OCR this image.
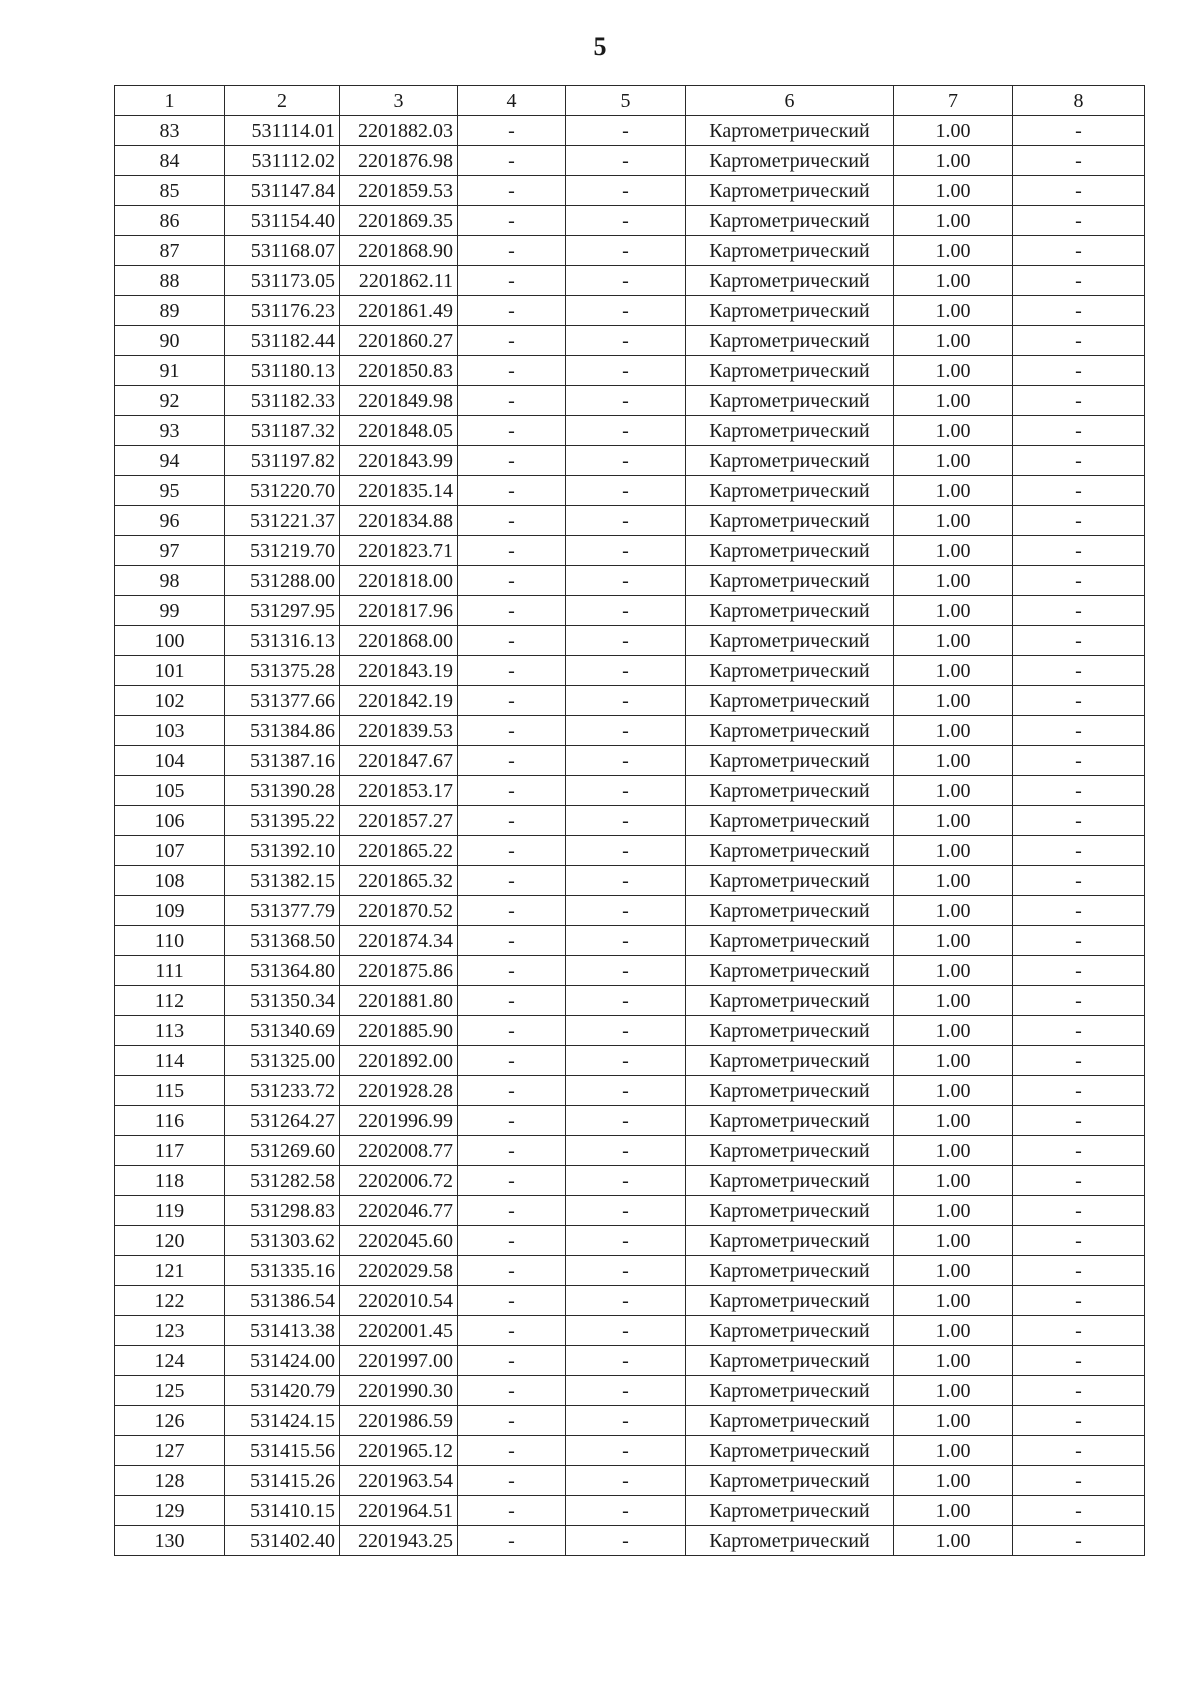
5
1	2	3	4	5	6	7	8
83	531114.01	2201882.03	-	-	Картометрический	1.00	-
84	531112.02	2201876.98	-	-	Картометрический	1.00	-
85	531147.84	2201859.53	-	-	Картометрический	1.00	-
86	531154.40	2201869.35	-	-	Картометрический	1.00	-
87	531168.07	2201868.90	-	-	Картометрический	1.00	-
88	531173.05	2201862.11	-	-	Картометрический	1.00	-
89	531176.23	2201861.49	-	-	Картометрический	1.00	-
90	531182.44	2201860.27	-	-	Картометрический	1.00	-
91	531180.13	2201850.83	-	-	Картометрический	1.00	-
92	531182.33	2201849.98	-	-	Картометрический	1.00	-
93	531187.32	2201848.05	-	-	Картометрический	1.00	-
94	531197.82	2201843.99	-	-	Картометрический	1.00	-
95	531220.70	2201835.14	-	-	Картометрический	1.00	-
96	531221.37	2201834.88	-	-	Картометрический	1.00	-
97	531219.70	2201823.71	-	-	Картометрический	1.00	-
98	531288.00	2201818.00	-	-	Картометрический	1.00	-
99	531297.95	2201817.96	-	-	Картометрический	1.00	-
100	531316.13	2201868.00	-	-	Картометрический	1.00	-
101	531375.28	2201843.19	-	-	Картометрический	1.00	-
102	531377.66	2201842.19	-	-	Картометрический	1.00	-
103	531384.86	2201839.53	-	-	Картометрический	1.00	-
104	531387.16	2201847.67	-	-	Картометрический	1.00	-
105	531390.28	2201853.17	-	-	Картометрический	1.00	-
106	531395.22	2201857.27	-	-	Картометрический	1.00	-
107	531392.10	2201865.22	-	-	Картометрический	1.00	-
108	531382.15	2201865.32	-	-	Картометрический	1.00	-
109	531377.79	2201870.52	-	-	Картометрический	1.00	-
110	531368.50	2201874.34	-	-	Картометрический	1.00	-
111	531364.80	2201875.86	-	-	Картометрический	1.00	-
112	531350.34	2201881.80	-	-	Картометрический	1.00	-
113	531340.69	2201885.90	-	-	Картометрический	1.00	-
114	531325.00	2201892.00	-	-	Картометрический	1.00	-
115	531233.72	2201928.28	-	-	Картометрический	1.00	-
116	531264.27	2201996.99	-	-	Картометрический	1.00	-
117	531269.60	2202008.77	-	-	Картометрический	1.00	-
118	531282.58	2202006.72	-	-	Картометрический	1.00	-
119	531298.83	2202046.77	-	-	Картометрический	1.00	-
120	531303.62	2202045.60	-	-	Картометрический	1.00	-
121	531335.16	2202029.58	-	-	Картометрический	1.00	-
122	531386.54	2202010.54	-	-	Картометрический	1.00	-
123	531413.38	2202001.45	-	-	Картометрический	1.00	-
124	531424.00	2201997.00	-	-	Картометрический	1.00	-
125	531420.79	2201990.30	-	-	Картометрический	1.00	-
126	531424.15	2201986.59	-	-	Картометрический	1.00	-
127	531415.56	2201965.12	-	-	Картометрический	1.00	-
128	531415.26	2201963.54	-	-	Картометрический	1.00	-
129	531410.15	2201964.51	-	-	Картометрический	1.00	-
130	531402.40	2201943.25	-	-	Картометрический	1.00	-
